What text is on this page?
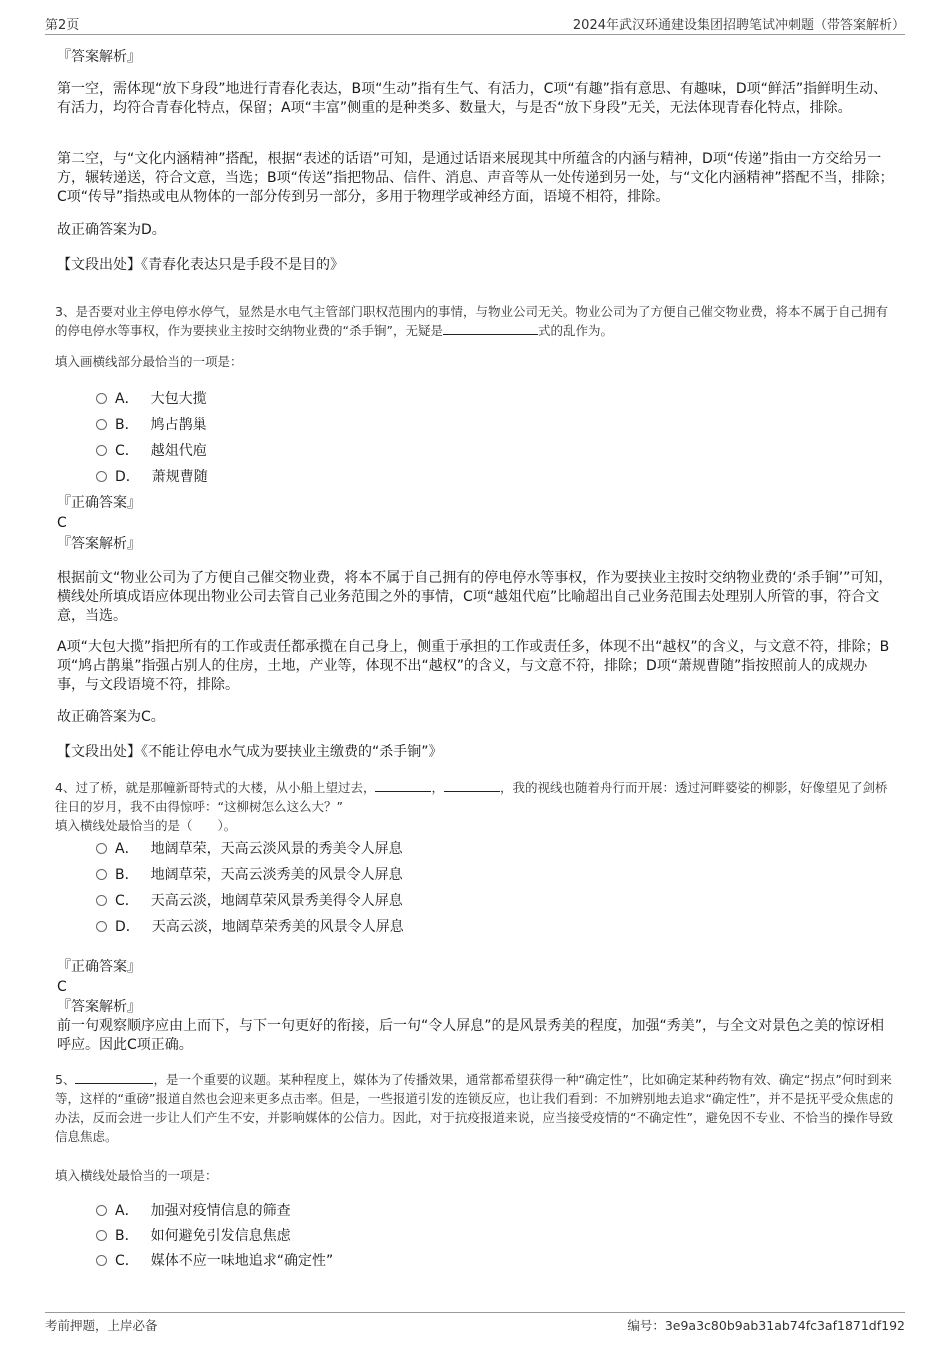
第2页	2024年武汉环通建设集团招聘笔试冲刺题（带答案解析）
『答案解析』

第一空，需体现“放下身段”地进行青春化表达，B项“生动”指有生气、有活力，C项“有趣”指有意思、有趣味，D项“鲜活”指鲜明生动、有活力，均符合青春化特点，保留；A项“丰富”侧重的是种类多、数量大，与是否“放下身段”无关，无法体现青春化特点，排除。

第二空，与“文化内涵精神”搭配，根据“表述的话语”可知，是通过话语来展现其中所蕴含的内涵与精神，D项“传递”指由一方交给另一方，辗转递送，符合文意，当选；B项“传送”指把物品、信件、消息、声音等从一处传递到另一处，与“文化内涵精神”搭配不当，排除；C项“传导”指热或电从物体的一部分传到另一部分，多用于物理学或神经方面，语境不相符，排除。

故正确答案为D。

【文段出处】《青春化表达只是手段不是目的》

3、是否要对业主停电停水停气，显然是水电气主管部门职权范围内的事情，与物业公司无关。物业公司为了方便自己催交物业费，将本不属于自己拥有的停电停水等事权，作为要挟业主按时交纳物业费的“杀手锏”，无疑是	式的乱作为。

填入画横线部分最恰当的一项是：

A． 大包大揽
B． 鸠占鹊巢
C． 越俎代庖
D． 萧规曹随
『正确答案』
C
『答案解析』

根据前文“物业公司为了方便自己催交物业费，将本不属于自己拥有的停电停水等事权，作为要挟业主按时交纳物业费的‘杀手锏’”可知，横线处所填成语应体现出物业公司去管自己业务范围之外的事情，C项“越俎代庖”比喻超出自己业务范围去处理别人所管的事，符合文意，当选。

A项“大包大揽”指把所有的工作或责任都承揽在自己身上，侧重于承担的工作或责任多，体现不出“越权”的含义，与文意不符，排除；B项“鸠占鹊巢”指强占别人的住房，土地，产业等，体现不出“越权”的含义，与文意不符，排除；D项“萧规曹随”指按照前人的成规办事，与文段语境不符，排除。

故正确答案为C。

【文段出处】《不能让停电水气成为要挟业主缴费的“杀手锏”》

4、过了桥，就是那幢新哥特式的大楼，从小船上望过去，	，	，我的视线也随着舟行而开展：透过河畔婆娑的柳影，好像望见了剑桥往日的岁月，我不由得惊呼：“这柳树怎么这么大？”

填入横线处最恰当的是（　　）。

A． 地阔草荣，天高云淡风景的秀美令人屏息
B． 地阔草荣，天高云淡秀美的风景令人屏息
C． 天高云淡，地阔草荣风景秀美得令人屏息
D． 天高云淡，地阔草荣秀美的风景令人屏息
『正确答案』
C
『答案解析』

前一句观察顺序应由上而下，与下一句更好的衔接，后一句“令人屏息”的是风景秀美的程度，加强“秀美”，与全文对景色之美的惊讶相呼应。因此C项正确。

5、	，是一个重要的议题。某种程度上，媒体为了传播效果，通常都希望获得一种“确定性”，比如确定某种药物有效、确定“拐点”何时到来等，这样的“重磅”报道自然也会迎来更多点击率。但是，一些报道引发的连锁反应，也让我们看到：不加辨别地去追求“确定性”，并不是抚平受众焦虑的办法，反而会进一步让人们产生不安，并影响媒体的公信力。因此，对于抗疫报道来说，应当接受疫情的“不确定性”，避免因不专业、不恰当的操作导致信息焦虑。

填入横线处最恰当的一项是：

A． 加强对疫情信息的筛查
B． 如何避免引发信息焦虑
C． 媒体不应一味地追求“确定性”
考前押题，上岸必备	编号：3e9a3c80b9ab31ab74fc3af1871df192
